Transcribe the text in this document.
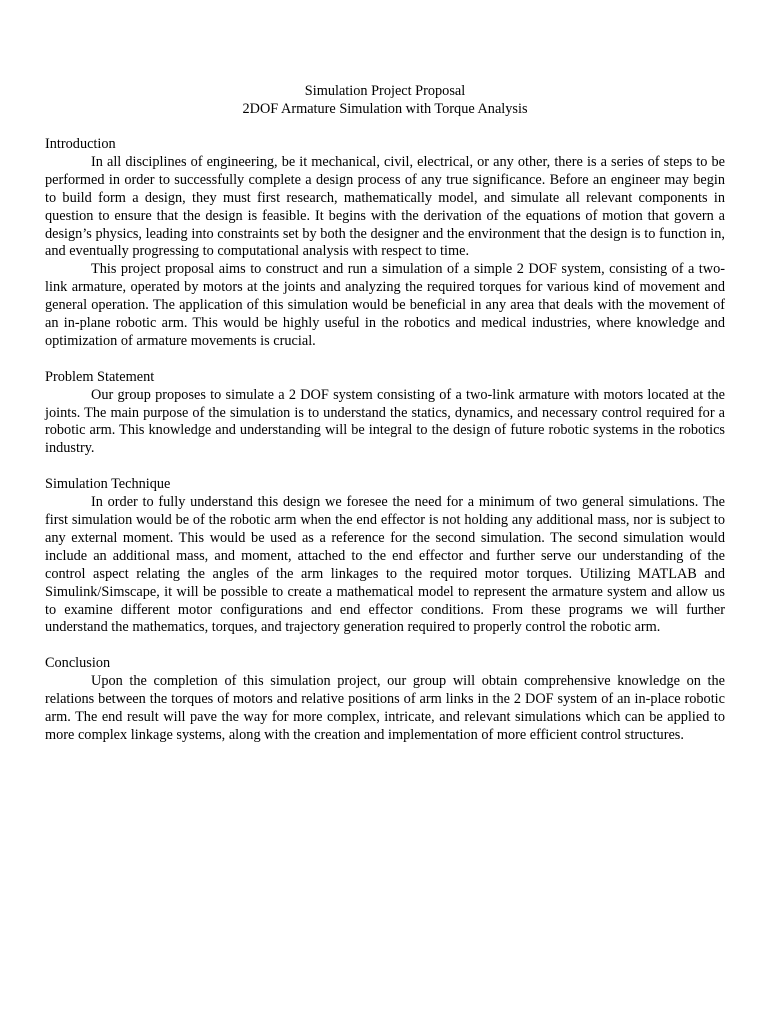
Simulation Project Proposal
2DOF Armature Simulation with Torque Analysis
Introduction

In all disciplines of engineering, be it mechanical, civil, electrical, or any other, there is a series of steps to be performed in order to successfully complete a design process of any true significance. Before an engineer may begin to build form a design, they must first research, mathematically model, and simulate all relevant components in question to ensure that the design is feasible. It begins with the derivation of the equations of motion that govern a design’s physics, leading into constraints set by both the designer and the environment that the design is to function in, and eventually progressing to computational analysis with respect to time.

This project proposal aims to construct and run a simulation of a simple 2 DOF system, consisting of a two-link armature, operated by motors at the joints and analyzing the required torques for various kind of movement and general operation. The application of this simulation would be beneficial in any area that deals with the movement of an in-plane robotic arm. This would be highly useful in the robotics and medical industries, where knowledge and optimization of armature movements is crucial.

Problem Statement

Our group proposes to simulate a 2 DOF system consisting of a two-link armature with motors located at the joints. The main purpose of the simulation is to understand the statics, dynamics, and necessary control required for a robotic arm. This knowledge and understanding will be integral to the design of future robotic systems in the robotics industry.

Simulation Technique

In order to fully understand this design we foresee the need for a minimum of two general simulations. The first simulation would be of the robotic arm when the end effector is not holding any additional mass, nor is subject to any external moment. This would be used as a reference for the second simulation. The second simulation would include an additional mass, and moment, attached to the end effector and further serve our understanding of the control aspect relating the angles of the arm linkages to the required motor torques. Utilizing MATLAB and Simulink/Simscape, it will be possible to create a mathematical model to represent the armature system and allow us to examine different motor configurations and end effector conditions. From these programs we will further understand the mathematics, torques, and trajectory generation required to properly control the robotic arm.

Conclusion

Upon the completion of this simulation project, our group will obtain comprehensive knowledge on the relations between the torques of motors and relative positions of arm links in the 2 DOF system of an in-place robotic arm. The end result will pave the way for more complex, intricate, and relevant simulations which can be applied to more complex linkage systems, along with the creation and implementation of more efficient control structures.
